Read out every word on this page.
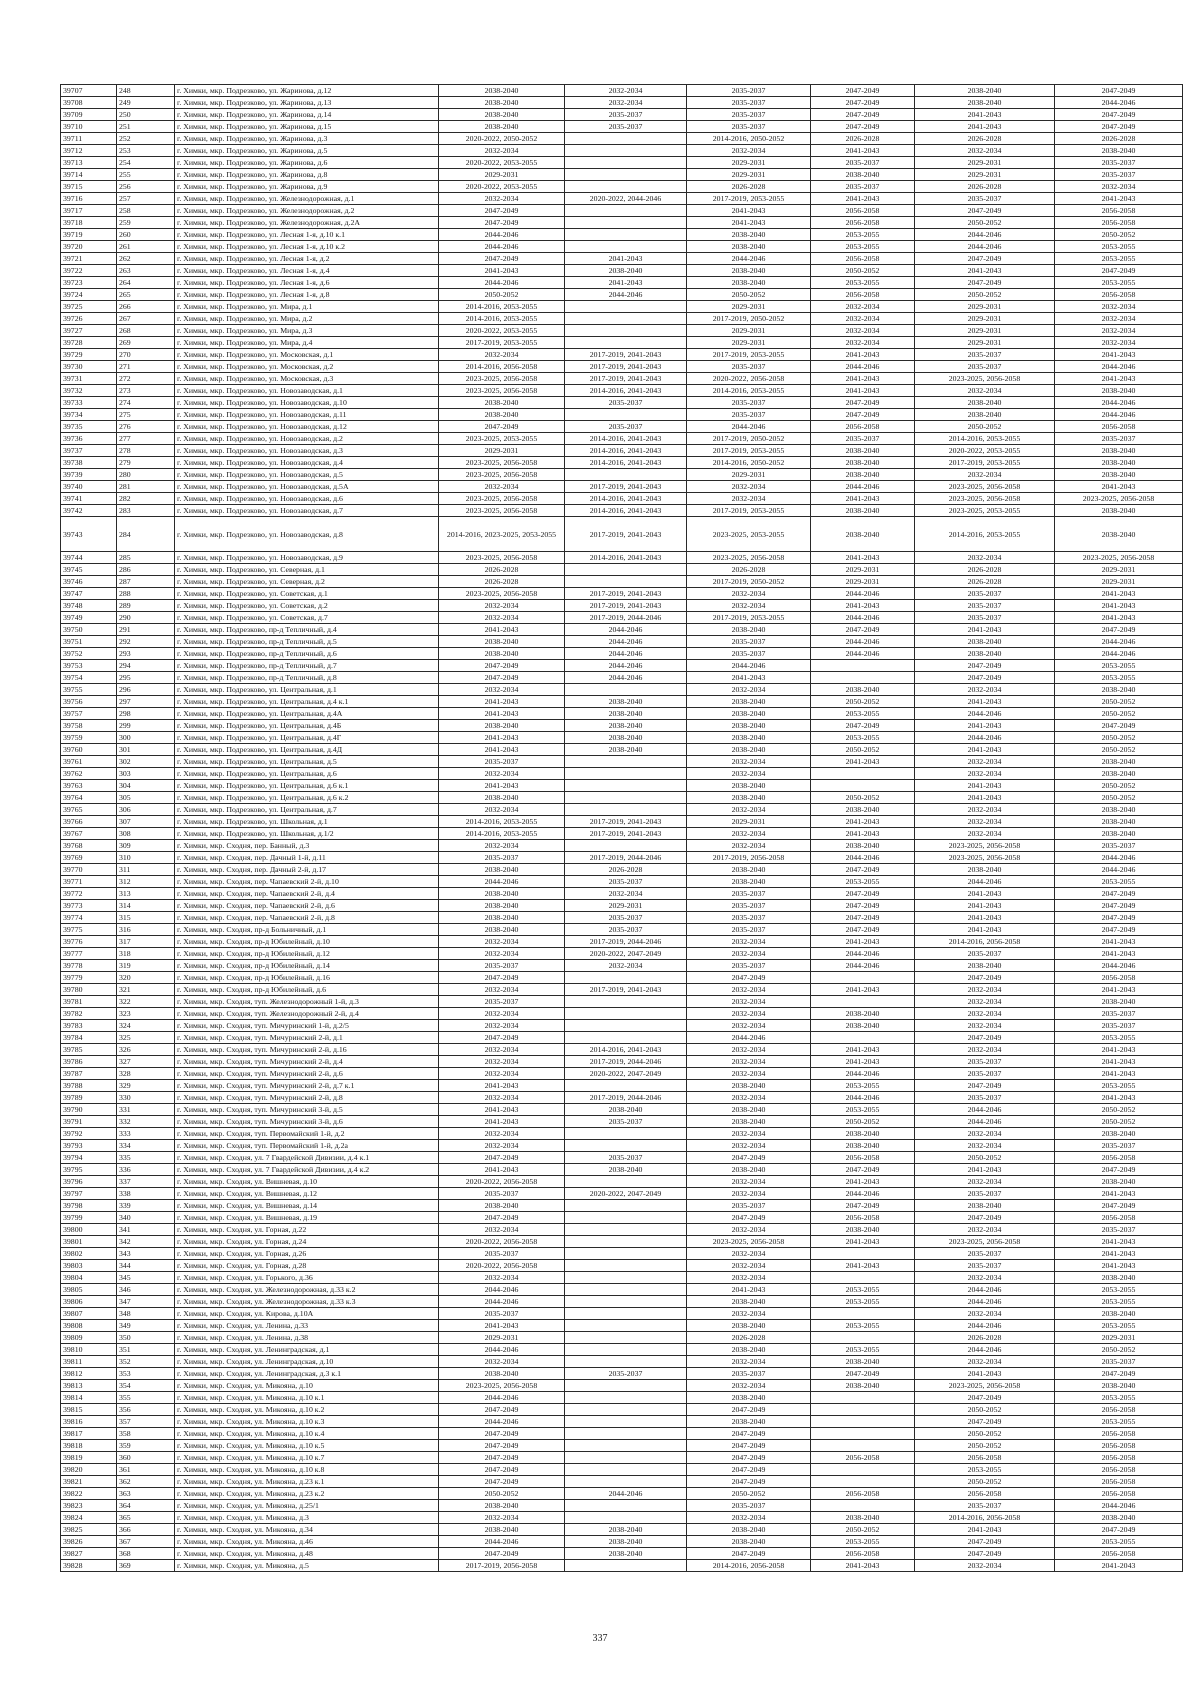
39707	248	г. Химки, мкр. Подрезково, ул. Жаринова, д.12	2038-2040	2032-2034	2035-2037	2047-2049	2038-2040	2047-2049
39708	249	г. Химки, мкр. Подрезково, ул. Жаринова, д.13	2038-2040	2032-2034	2035-2037	2047-2049	2038-2040	2044-2046
39709	250	г. Химки, мкр. Подрезково, ул. Жаринова, д.14	2038-2040	2035-2037	2035-2037	2047-2049	2041-2043	2047-2049
39710	251	г. Химки, мкр. Подрезково, ул. Жаринова, д.15	2038-2040	2035-2037	2035-2037	2047-2049	2041-2043	2047-2049
39711	252	г. Химки, мкр. Подрезково, ул. Жаринова, д.3	2020-2022, 2050-2052		2014-2016, 2050-2052	2026-2028	2026-2028	2026-2028
39712	253	г. Химки, мкр. Подрезково, ул. Жаринова, д.5	2032-2034		2032-2034	2041-2043	2032-2034	2038-2040
39713	254	г. Химки, мкр. Подрезково, ул. Жаринова, д.6	2020-2022, 2053-2055		2029-2031	2035-2037	2029-2031	2035-2037
39714	255	г. Химки, мкр. Подрезково, ул. Жаринова, д.8	2029-2031		2029-2031	2038-2040	2029-2031	2035-2037
39715	256	г. Химки, мкр. Подрезково, ул. Жаринова, д.9	2020-2022, 2053-2055		2026-2028	2035-2037	2026-2028	2032-2034
39716	257	г. Химки, мкр. Подрезково, ул. Железнодорожная, д.1	2032-2034	2020-2022, 2044-2046	2017-2019, 2053-2055	2041-2043	2035-2037	2041-2043
39717	258	г. Химки, мкр. Подрезково, ул. Железнодорожная, д.2	2047-2049		2041-2043	2056-2058	2047-2049	2056-2058
39718	259	г. Химки, мкр. Подрезково, ул. Железнодорожная, д.2А	2047-2049		2041-2043	2056-2058	2050-2052	2056-2058
39719	260	г. Химки, мкр. Подрезково, ул. Лесная 1-я, д.10 к.1	2044-2046		2038-2040	2053-2055	2044-2046	2050-2052
39720	261	г. Химки, мкр. Подрезково, ул. Лесная 1-я, д.10 к.2	2044-2046		2038-2040	2053-2055	2044-2046	2053-2055
39721	262	г. Химки, мкр. Подрезково, ул. Лесная 1-я, д.2	2047-2049	2041-2043	2044-2046	2056-2058	2047-2049	2053-2055
39722	263	г. Химки, мкр. Подрезково, ул. Лесная 1-я, д.4	2041-2043	2038-2040	2038-2040	2050-2052	2041-2043	2047-2049
39723	264	г. Химки, мкр. Подрезково, ул. Лесная 1-я, д.6	2044-2046	2041-2043	2038-2040	2053-2055	2047-2049	2053-2055
39724	265	г. Химки, мкр. Подрезково, ул. Лесная 1-я, д.8	2050-2052	2044-2046	2050-2052	2056-2058	2050-2052	2056-2058
39725	266	г. Химки, мкр. Подрезково, ул. Мира, д.1	2014-2016, 2053-2055		2029-2031	2032-2034	2029-2031	2032-2034
39726	267	г. Химки, мкр. Подрезково, ул. Мира, д.2	2014-2016, 2053-2055		2017-2019, 2050-2052	2032-2034	2029-2031	2032-2034
39727	268	г. Химки, мкр. Подрезково, ул. Мира, д.3	2020-2022, 2053-2055		2029-2031	2032-2034	2029-2031	2032-2034
39728	269	г. Химки, мкр. Подрезково, ул. Мира, д.4	2017-2019, 2053-2055		2029-2031	2032-2034	2029-2031	2032-2034
39729	270	г. Химки, мкр. Подрезково, ул. Московская, д.1	2032-2034	2017-2019, 2041-2043	2017-2019, 2053-2055	2041-2043	2035-2037	2041-2043
39730	271	г. Химки, мкр. Подрезково, ул. Московская, д.2	2014-2016, 2056-2058	2017-2019, 2041-2043	2035-2037	2044-2046	2035-2037	2044-2046
39731	272	г. Химки, мкр. Подрезково, ул. Московская, д.3	2023-2025, 2056-2058	2017-2019, 2041-2043	2020-2022, 2056-2058	2041-2043	2023-2025, 2056-2058	2041-2043
39732	273	г. Химки, мкр. Подрезково, ул. Новозаводская, д.1	2023-2025, 2056-2058	2014-2016, 2041-2043	2014-2016, 2053-2055	2041-2043	2032-2034	2038-2040
39733	274	г. Химки, мкр. Подрезково, ул. Новозаводская, д.10	2038-2040	2035-2037	2035-2037	2047-2049	2038-2040	2044-2046
39734	275	г. Химки, мкр. Подрезково, ул. Новозаводская, д.11	2038-2040		2035-2037	2047-2049	2038-2040	2044-2046
39735	276	г. Химки, мкр. Подрезково, ул. Новозаводская, д.12	2047-2049	2035-2037	2044-2046	2056-2058	2050-2052	2056-2058
39736	277	г. Химки, мкр. Подрезково, ул. Новозаводская, д.2	2023-2025, 2053-2055	2014-2016, 2041-2043	2017-2019, 2050-2052	2035-2037	2014-2016, 2053-2055	2035-2037
39737	278	г. Химки, мкр. Подрезково, ул. Новозаводская, д.3	2029-2031	2014-2016, 2041-2043	2017-2019, 2053-2055	2038-2040	2020-2022, 2053-2055	2038-2040
39738	279	г. Химки, мкр. Подрезково, ул. Новозаводская, д.4	2023-2025, 2056-2058	2014-2016, 2041-2043	2014-2016, 2050-2052	2038-2040	2017-2019, 2053-2055	2038-2040
39739	280	г. Химки, мкр. Подрезково, ул. Новозаводская, д.5	2023-2025, 2056-2058		2029-2031	2038-2040	2032-2034	2038-2040
39740	281	г. Химки, мкр. Подрезково, ул. Новозаводская, д.5А	2032-2034	2017-2019, 2041-2043	2032-2034	2044-2046	2023-2025, 2056-2058	2041-2043
39741	282	г. Химки, мкр. Подрезково, ул. Новозаводская, д.6	2023-2025, 2056-2058	2014-2016, 2041-2043	2032-2034	2041-2043	2023-2025, 2056-2058	2023-2025, 2056-2058
39742	283	г. Химки, мкр. Подрезково, ул. Новозаводская, д.7	2023-2025, 2056-2058	2014-2016, 2041-2043	2017-2019, 2053-2055	2038-2040	2023-2025, 2053-2055	2038-2040
39743	284	г. Химки, мкр. Подрезково, ул. Новозаводская, д.8	2014-2016, 2023-2025, 2053-2055	2017-2019, 2041-2043	2023-2025, 2053-2055	2038-2040	2014-2016, 2053-2055	2038-2040
39744	285	г. Химки, мкр. Подрезково, ул. Новозаводская, д.9	2023-2025, 2056-2058	2014-2016, 2041-2043	2023-2025, 2056-2058	2041-2043	2032-2034	2023-2025, 2056-2058
39745	286	г. Химки, мкр. Подрезково, ул. Северная, д.1	2026-2028		2026-2028	2029-2031	2026-2028	2029-2031
39746	287	г. Химки, мкр. Подрезково, ул. Северная, д.2	2026-2028		2017-2019, 2050-2052	2029-2031	2026-2028	2029-2031
39747	288	г. Химки, мкр. Подрезково, ул. Советская, д.1	2023-2025, 2056-2058	2017-2019, 2041-2043	2032-2034	2044-2046	2035-2037	2041-2043
39748	289	г. Химки, мкр. Подрезково, ул. Советская, д.2	2032-2034	2017-2019, 2041-2043	2032-2034	2041-2043	2035-2037	2041-2043
39749	290	г. Химки, мкр. Подрезково, ул. Советская, д.7	2032-2034	2017-2019, 2044-2046	2017-2019, 2053-2055	2044-2046	2035-2037	2041-2043
39750	291	г. Химки, мкр. Подрезково, пр-д Тепличный, д.4	2041-2043	2044-2046	2038-2040	2047-2049	2041-2043	2047-2049
39751	292	г. Химки, мкр. Подрезково, пр-д Тепличный, д.5	2038-2040	2044-2046	2035-2037	2044-2046	2038-2040	2044-2046
39752	293	г. Химки, мкр. Подрезково, пр-д Тепличный, д.6	2038-2040	2044-2046	2035-2037	2044-2046	2038-2040	2044-2046
39753	294	г. Химки, мкр. Подрезково, пр-д Тепличный, д.7	2047-2049	2044-2046	2044-2046		2047-2049	2053-2055
39754	295	г. Химки, мкр. Подрезково, пр-д Тепличный, д.8	2047-2049	2044-2046	2041-2043		2047-2049	2053-2055
39755	296	г. Химки, мкр. Подрезково, ул. Центральная, д.1	2032-2034		2032-2034	2038-2040	2032-2034	2038-2040
39756	297	г. Химки, мкр. Подрезково, ул. Центральная, д.4 к.1	2041-2043	2038-2040	2038-2040	2050-2052	2041-2043	2050-2052
39757	298	г. Химки, мкр. Подрезково, ул. Центральная, д.4А	2041-2043	2038-2040	2038-2040	2053-2055	2044-2046	2050-2052
39758	299	г. Химки, мкр. Подрезково, ул. Центральная, д.4Б	2038-2040	2038-2040	2038-2040	2047-2049	2041-2043	2047-2049
39759	300	г. Химки, мкр. Подрезково, ул. Центральная, д.4Г	2041-2043	2038-2040	2038-2040	2053-2055	2044-2046	2050-2052
39760	301	г. Химки, мкр. Подрезково, ул. Центральная, д.4Д	2041-2043	2038-2040	2038-2040	2050-2052	2041-2043	2050-2052
39761	302	г. Химки, мкр. Подрезково, ул. Центральная, д.5	2035-2037		2032-2034	2041-2043	2032-2034	2038-2040
39762	303	г. Химки, мкр. Подрезково, ул. Центральная, д.6	2032-2034		2032-2034		2032-2034	2038-2040
39763	304	г. Химки, мкр. Подрезково, ул. Центральная, д.6 к.1	2041-2043		2038-2040		2041-2043	2050-2052
39764	305	г. Химки, мкр. Подрезково, ул. Центральная, д.6 к.2	2038-2040		2038-2040	2050-2052	2041-2043	2050-2052
39765	306	г. Химки, мкр. Подрезково, ул. Центральная, д.7	2032-2034		2032-2034	2038-2040	2032-2034	2038-2040
39766	307	г. Химки, мкр. Подрезково, ул. Школьная, д.1	2014-2016, 2053-2055	2017-2019, 2041-2043	2029-2031	2041-2043	2032-2034	2038-2040
39767	308	г. Химки, мкр. Подрезково, ул. Школьная, д.1/2	2014-2016, 2053-2055	2017-2019, 2041-2043	2032-2034	2041-2043	2032-2034	2038-2040
39768	309	г. Химки, мкр. Сходня, пер. Банный, д.3	2032-2034		2032-2034	2038-2040	2023-2025, 2056-2058	2035-2037
39769	310	г. Химки, мкр. Сходня, пер. Дачный 1-й, д.11	2035-2037	2017-2019, 2044-2046	2017-2019, 2056-2058	2044-2046	2023-2025, 2056-2058	2044-2046
39770	311	г. Химки, мкр. Сходня, пер. Дачный 2-й, д.17	2038-2040	2026-2028	2038-2040	2047-2049	2038-2040	2044-2046
39771	312	г. Химки, мкр. Сходня, пер. Чапаевский 2-й, д.10	2044-2046	2035-2037	2038-2040	2053-2055	2044-2046	2053-2055
39772	313	г. Химки, мкр. Сходня, пер. Чапаевский 2-й, д.4	2038-2040	2032-2034	2035-2037	2047-2049	2041-2043	2047-2049
39773	314	г. Химки, мкр. Сходня, пер. Чапаевский 2-й, д.6	2038-2040	2029-2031	2035-2037	2047-2049	2041-2043	2047-2049
39774	315	г. Химки, мкр. Сходня, пер. Чапаевский 2-й, д.8	2038-2040	2035-2037	2035-2037	2047-2049	2041-2043	2047-2049
39775	316	г. Химки, мкр. Сходня, пр-д Больничный, д.1	2038-2040	2035-2037	2035-2037	2047-2049	2041-2043	2047-2049
39776	317	г. Химки, мкр. Сходня, пр-д Юбилейный, д.10	2032-2034	2017-2019, 2044-2046	2032-2034	2041-2043	2014-2016, 2056-2058	2041-2043
39777	318	г. Химки, мкр. Сходня, пр-д Юбилейный, д.12	2032-2034	2020-2022, 2047-2049	2032-2034	2044-2046	2035-2037	2041-2043
39778	319	г. Химки, мкр. Сходня, пр-д Юбилейный, д.14	2035-2037	2032-2034	2035-2037	2044-2046	2038-2040	2044-2046
39779	320	г. Химки, мкр. Сходня, пр-д Юбилейный, д.16	2047-2049		2047-2049		2047-2049	2056-2058
39780	321	г. Химки, мкр. Сходня, пр-д Юбилейный, д.6	2032-2034	2017-2019, 2041-2043	2032-2034	2041-2043	2032-2034	2041-2043
39781	322	г. Химки, мкр. Сходня, туп. Железнодорожный 1-й, д.3	2035-2037		2032-2034		2032-2034	2038-2040
39782	323	г. Химки, мкр. Сходня, туп. Железнодорожный 2-й, д.4	2032-2034		2032-2034	2038-2040	2032-2034	2035-2037
39783	324	г. Химки, мкр. Сходня, туп. Мичуринский 1-й, д.2/5	2032-2034		2032-2034	2038-2040	2032-2034	2035-2037
39784	325	г. Химки, мкр. Сходня, туп. Мичуринский 2-й, д.1	2047-2049		2044-2046		2047-2049	2053-2055
39785	326	г. Химки, мкр. Сходня, туп. Мичуринский 2-й, д.16	2032-2034	2014-2016, 2041-2043	2032-2034	2041-2043	2032-2034	2041-2043
39786	327	г. Химки, мкр. Сходня, туп. Мичуринский 2-й, д.4	2032-2034	2017-2019, 2044-2046	2032-2034	2041-2043	2035-2037	2041-2043
39787	328	г. Химки, мкр. Сходня, туп. Мичуринский 2-й, д.6	2032-2034	2020-2022, 2047-2049	2032-2034	2044-2046	2035-2037	2041-2043
39788	329	г. Химки, мкр. Сходня, туп. Мичуринский 2-й, д.7 к.1	2041-2043		2038-2040	2053-2055	2047-2049	2053-2055
39789	330	г. Химки, мкр. Сходня, туп. Мичуринский 2-й, д.8	2032-2034	2017-2019, 2044-2046	2032-2034	2044-2046	2035-2037	2041-2043
39790	331	г. Химки, мкр. Сходня, туп. Мичуринский 3-й, д.5	2041-2043	2038-2040	2038-2040	2053-2055	2044-2046	2050-2052
39791	332	г. Химки, мкр. Сходня, туп. Мичуринский 3-й, д.6	2041-2043	2035-2037	2038-2040	2050-2052	2044-2046	2050-2052
39792	333	г. Химки, мкр. Сходня, туп. Первомайский 1-й, д.2	2032-2034		2032-2034	2038-2040	2032-2034	2038-2040
39793	334	г. Химки, мкр. Сходня, туп. Первомайский 1-й, д.2а	2032-2034		2032-2034	2038-2040	2032-2034	2035-2037
39794	335	г. Химки, мкр. Сходня, ул. 7 Гвардейской Дивизии, д.4 к.1	2047-2049	2035-2037	2047-2049	2056-2058	2050-2052	2056-2058
39795	336	г. Химки, мкр. Сходня, ул. 7 Гвардейской Дивизии, д.4 к.2	2041-2043	2038-2040	2038-2040	2047-2049	2041-2043	2047-2049
39796	337	г. Химки, мкр. Сходня, ул. Вишневая, д.10	2020-2022, 2056-2058		2032-2034	2041-2043	2032-2034	2038-2040
39797	338	г. Химки, мкр. Сходня, ул. Вишневая, д.12	2035-2037	2020-2022, 2047-2049	2032-2034	2044-2046	2035-2037	2041-2043
39798	339	г. Химки, мкр. Сходня, ул. Вишневая, д.14	2038-2040		2035-2037	2047-2049	2038-2040	2047-2049
39799	340	г. Химки, мкр. Сходня, ул. Вишневая, д.19	2047-2049		2047-2049	2056-2058	2047-2049	2056-2058
39800	341	г. Химки, мкр. Сходня, ул. Горная, д.22	2032-2034		2032-2034	2038-2040	2032-2034	2035-2037
39801	342	г. Химки, мкр. Сходня, ул. Горная, д.24	2020-2022, 2056-2058		2023-2025, 2056-2058	2041-2043	2023-2025, 2056-2058	2041-2043
39802	343	г. Химки, мкр. Сходня, ул. Горная, д.26	2035-2037		2032-2034		2035-2037	2041-2043
39803	344	г. Химки, мкр. Сходня, ул. Горная, д.28	2020-2022, 2056-2058		2032-2034	2041-2043	2035-2037	2041-2043
39804	345	г. Химки, мкр. Сходня, ул. Горького, д.36	2032-2034		2032-2034		2032-2034	2038-2040
39805	346	г. Химки, мкр. Сходня, ул. Железнодорожная, д.33 к.2	2044-2046		2041-2043	2053-2055	2044-2046	2053-2055
39806	347	г. Химки, мкр. Сходня, ул. Железнодорожная, д.33 к.3	2044-2046		2038-2040	2053-2055	2044-2046	2053-2055
39807	348	г. Химки, мкр. Сходня, ул. Кирова, д.10А	2035-2037		2032-2034		2032-2034	2038-2040
39808	349	г. Химки, мкр. Сходня, ул. Ленина, д.33	2041-2043		2038-2040	2053-2055	2044-2046	2053-2055
39809	350	г. Химки, мкр. Сходня, ул. Ленина, д.38	2029-2031		2026-2028		2026-2028	2029-2031
39810	351	г. Химки, мкр. Сходня, ул. Ленинградская, д.1	2044-2046		2038-2040	2053-2055	2044-2046	2050-2052
39811	352	г. Химки, мкр. Сходня, ул. Ленинградская, д.10	2032-2034		2032-2034	2038-2040	2032-2034	2035-2037
39812	353	г. Химки, мкр. Сходня, ул. Ленинградская, д.3 к.1	2038-2040	2035-2037	2035-2037	2047-2049	2041-2043	2047-2049
39813	354	г. Химки, мкр. Сходня, ул. Микояна, д.10	2023-2025, 2056-2058		2032-2034	2038-2040	2023-2025, 2056-2058	2038-2040
39814	355	г. Химки, мкр. Сходня, ул. Микояна, д.10 к.1	2044-2046		2038-2040		2047-2049	2053-2055
39815	356	г. Химки, мкр. Сходня, ул. Микояна, д.10 к.2	2047-2049		2047-2049		2050-2052	2056-2058
39816	357	г. Химки, мкр. Сходня, ул. Микояна, д.10 к.3	2044-2046		2038-2040		2047-2049	2053-2055
39817	358	г. Химки, мкр. Сходня, ул. Микояна, д.10 к.4	2047-2049		2047-2049		2050-2052	2056-2058
39818	359	г. Химки, мкр. Сходня, ул. Микояна, д.10 к.5	2047-2049		2047-2049		2050-2052	2056-2058
39819	360	г. Химки, мкр. Сходня, ул. Микояна, д.10 к.7	2047-2049		2047-2049	2056-2058	2056-2058	2056-2058
39820	361	г. Химки, мкр. Сходня, ул. Микояна, д.10 к.8	2047-2049		2047-2049		2053-2055	2056-2058
39821	362	г. Химки, мкр. Сходня, ул. Микояна, д.23 к.1	2047-2049		2047-2049		2050-2052	2056-2058
39822	363	г. Химки, мкр. Сходня, ул. Микояна, д.23 к.2	2050-2052	2044-2046	2050-2052	2056-2058	2056-2058	2056-2058
39823	364	г. Химки, мкр. Сходня, ул. Микояна, д.25/1	2038-2040		2035-2037		2035-2037	2044-2046
39824	365	г. Химки, мкр. Сходня, ул. Микояна, д.3	2032-2034		2032-2034	2038-2040	2014-2016, 2056-2058	2038-2040
39825	366	г. Химки, мкр. Сходня, ул. Микояна, д.34	2038-2040	2038-2040	2038-2040	2050-2052	2041-2043	2047-2049
39826	367	г. Химки, мкр. Сходня, ул. Микояна, д.46	2044-2046	2038-2040	2038-2040	2053-2055	2047-2049	2053-2055
39827	368	г. Химки, мкр. Сходня, ул. Микояна, д.48	2047-2049	2038-2040	2047-2049	2056-2058	2047-2049	2056-2058
39828	369	г. Химки, мкр. Сходня, ул. Микояна, д.5	2017-2019, 2056-2058		2014-2016, 2056-2058	2041-2043	2032-2034	2041-2043
337
